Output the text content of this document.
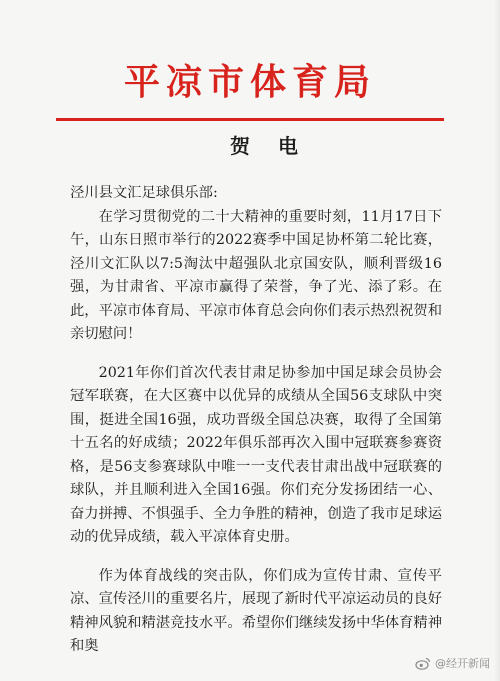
平凉市体育局
贺电

泾川县文汇足球俱乐部:

在学习贯彻党的二十大精神的重要时刻，11月17日下午，山东日照市举行的2022赛季中国足协杯第二轮比赛，泾川文汇队以7:5淘汰中超强队北京国安队，顺利晋级16强，为甘肃省、平凉市赢得了荣誉，争了光、添了彩。在此，平凉市体育局、平凉市体育总会向你们表示热烈祝贺和亲切慰问！

2021年你们首次代表甘肃足协参加中国足球会员协会冠军联赛，在大区赛中以优异的成绩从全国56支球队中突围，挺进全国16强，成功晋级全国总决赛，取得了全国第十五名的好成绩；2022年俱乐部再次入围中冠联赛参赛资格，是56支参赛球队中唯一一支代表甘肃出战中冠联赛的球队，并且顺利进入全国16强。你们充分发扬团结一心、奋力拼搏、不惧强手、全力争胜的精神，创造了我市足球运动的优异成绩，载入平凉体育史册。

作为体育战线的突击队，你们成为宣传甘肃、宣传平凉、宣传泾川的重要名片，展现了新时代平凉运动员的良好精神风貌和精湛竞技水平。希望你们继续发扬中华体育精神和奥

@经开新闻
